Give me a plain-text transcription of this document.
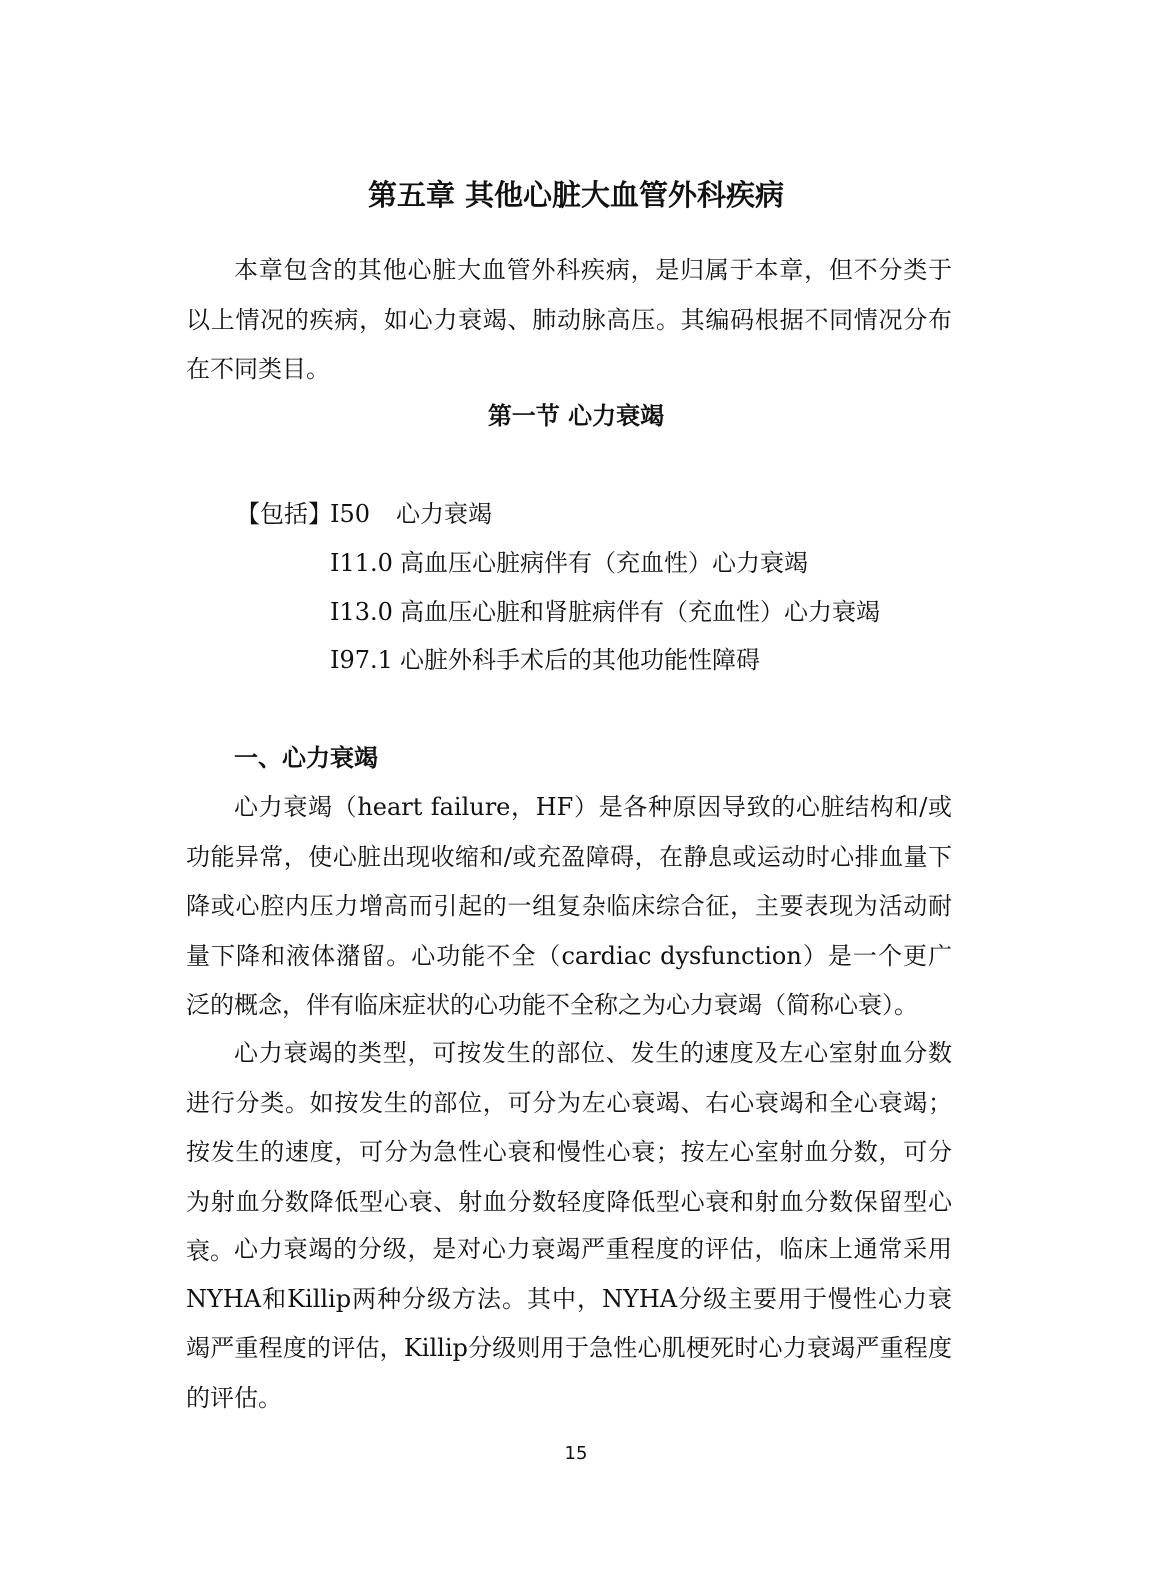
第五章 其他心脏大血管外科疾病

本章包含的其他心脏大血管外科疾病，是归属于本章，但不分类于以上情况的疾病，如心力衰竭、肺动脉高压。其编码根据不同情况分布在不同类目。

第一节 心力衰竭
【包括】
I50 心力衰竭
I11.0 高血压心脏病伴有（充血性）心力衰竭
I13.0 高血压心脏和肾脏病伴有（充血性）心力衰竭
I97.1 心脏外科手术后的其他功能性障碍
一、心力衰竭

心力衰竭（heart failure，HF）是各种原因导致的心脏结构和/或功能异常，使心脏出现收缩和/或充盈障碍，在静息或运动时心排血量下降或心腔内压力增高而引起的一组复杂临床综合征，主要表现为活动耐量下降和液体潴留。心功能不全（cardiac dysfunction）是一个更广泛的概念，伴有临床症状的心功能不全称之为心力衰竭（简称心衰）。

心力衰竭的类型，可按发生的部位、发生的速度及左心室射血分数进行分类。如按发生的部位，可分为左心衰竭、右心衰竭和全心衰竭；按发生的速度，可分为急性心衰和慢性心衰；按左心室射血分数，可分为射血分数降低型心衰、射血分数轻度降低型心衰和射血分数保留型心衰。 心力衰竭的分级，是对心力衰竭严重程度的评估，临床上通常采用NYHA和Killip两种分级方法。其中，NYHA分级主要用于慢性心力衰竭严重程度的评估，Killip分级则用于急性心肌梗死时心力衰竭严重程度的评估。

15
